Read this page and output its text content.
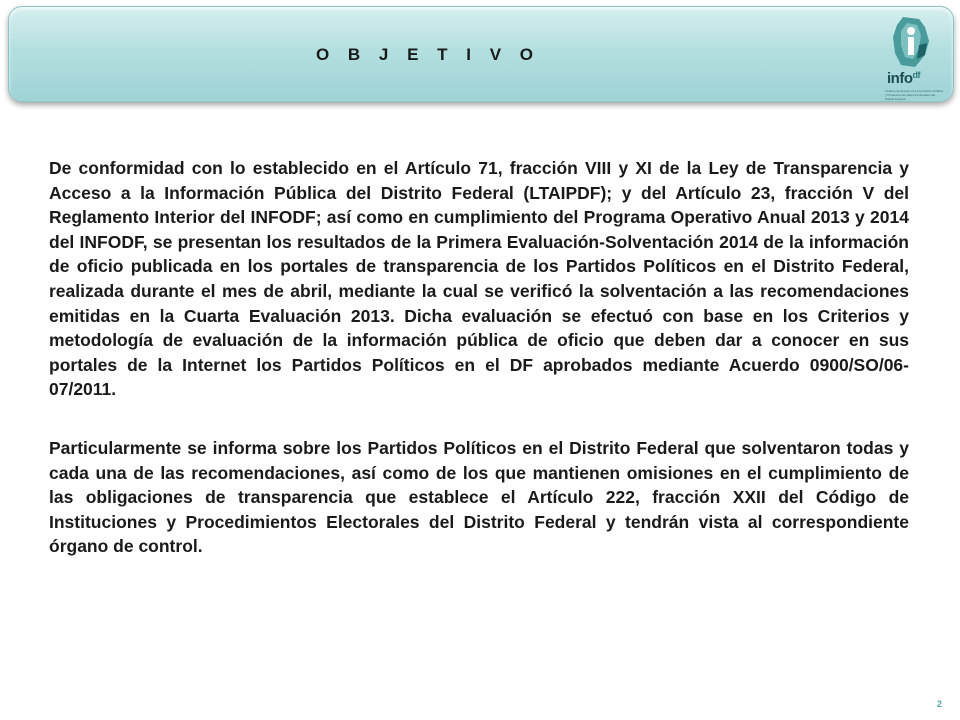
O B J E T I V O
info$^{df}$
Instituto de Acceso a la Información Pública y Protección de Datos Personales del Distrito Federal

De conformidad con lo establecido en el Artículo 71, fracción VIII y XI de la Ley de Transparencia y Acceso a la Información Pública del Distrito Federal (LTAIPDF); y del Artículo 23, fracción V del Reglamento Interior del INFODF; así como en cumplimiento del Programa Operativo Anual 2013 y 2014 del INFODF, se presentan los resultados de la Primera Evaluación-Solventación 2014 de la información de oficio publicada en los portales de transparencia de los Partidos Políticos en el Distrito Federal, realizada durante el mes de abril, mediante la cual se verificó la solventación a las recomendaciones emitidas en la Cuarta Evaluación 2013. Dicha evaluación se efectuó con base en los Criterios y metodología de evaluación de la información pública de oficio que deben dar a conocer en sus portales de la Internet los Partidos Políticos en el DF aprobados mediante Acuerdo 0900/SO/06-07/2011.

Particularmente se informa sobre los Partidos Políticos en el Distrito Federal que solventaron todas y cada una de las recomendaciones, así como de los que mantienen omisiones en el cumplimiento de las obligaciones de transparencia que establece el Artículo 222, fracción XXII del Código de Instituciones y Procedimientos Electorales del Distrito Federal y tendrán vista al correspondiente órgano de control.

2
